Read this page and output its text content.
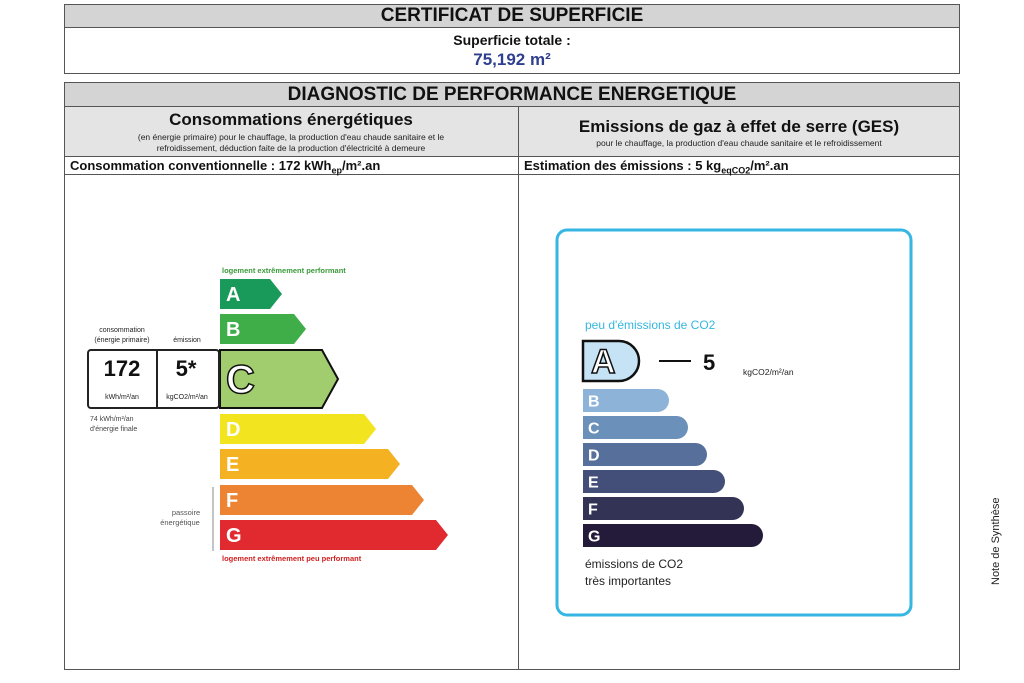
CERTIFICAT DE SUPERFICIE
Superficie totale :
75,192 m²
DIAGNOSTIC DE PERFORMANCE ENERGETIQUE
Consommations énergétiques
(en énergie primaire) pour le chauffage, la production d'eau chaude sanitaire et le
refroidissement, déduction faite de la production d'électricité à demeure
Consommation conventionnelle : 172 kWh$_{ep}$/m².an
Emissions de gaz à effet de serre (GES)
pour le chauffage, la production d'eau chaude sanitaire et le refroidissement
Estimation des émissions : 5 $kg_{eqCO2}/m^2.an$
logement extrêmement performant
A
B
C
D
E
F
G
passoire
énergétique
logement extrêmement peu performant
consommation
(énergie primaire)	émission
172
kWh/m²/an
5*
kgCO2/m²/an
74 kWh/m²/an
d'énergie finale
peu d'émissions de CO2
A
B
C
D
E
F
G
5	kgCO2/m²/an
émissions de CO2
très importantes	Note de Synthèse
